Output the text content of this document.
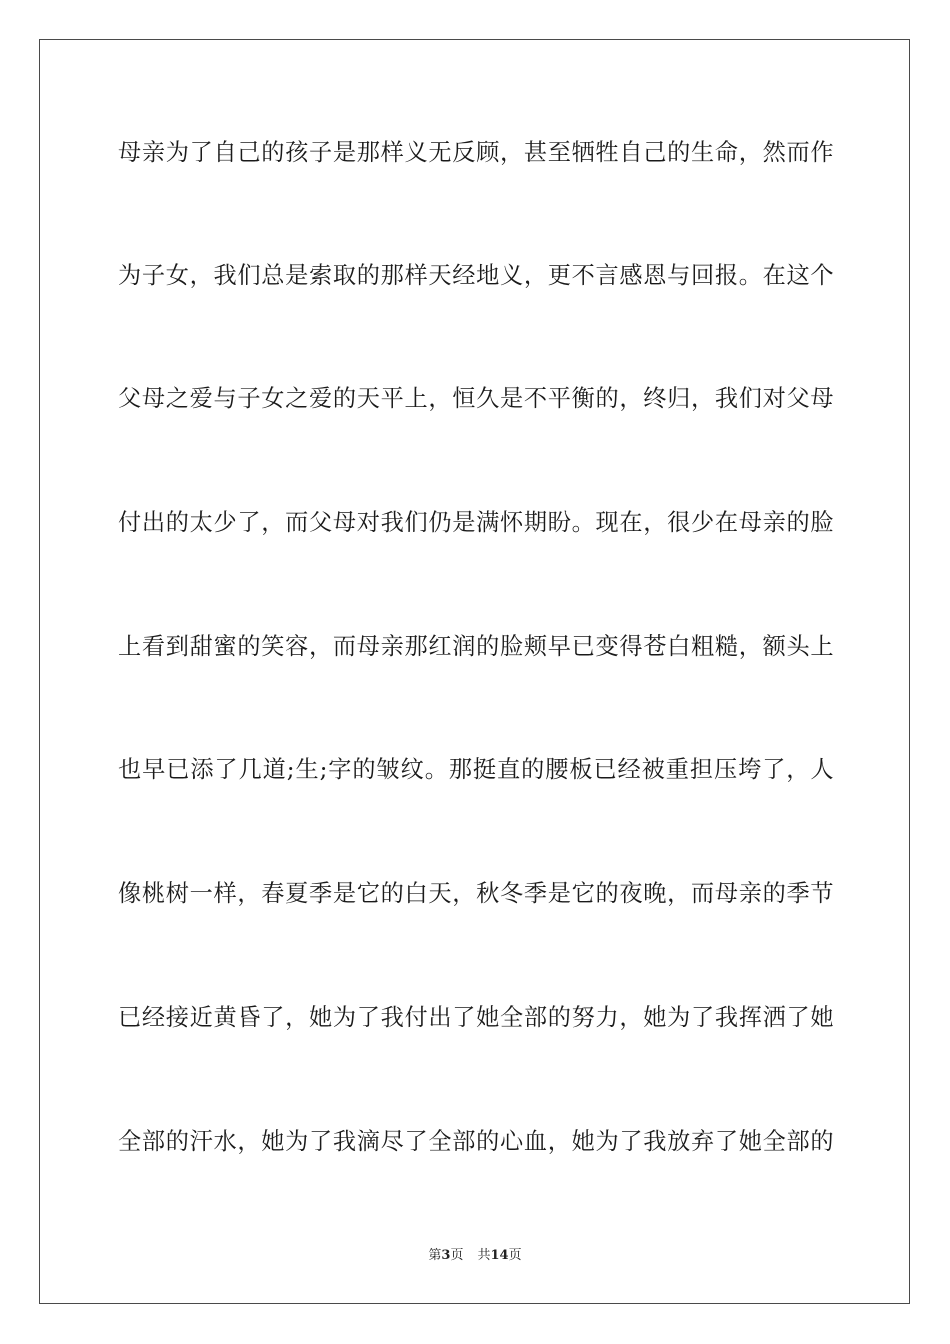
母亲为了自己的孩子是那样义无反顾，甚至牺牲自己的生命，然而作
为子女，我们总是索取的那样天经地义，更不言感恩与回报。在这个
父母之爱与子女之爱的天平上，恒久是不平衡的，终归，我们对父母
付出的太少了，而父母对我们仍是满怀期盼。现在，很少在母亲的脸
上看到甜蜜的笑容，而母亲那红润的脸颊早已变得苍白粗糙，额头上
也早已添了几道;生;字的皱纹。那挺直的腰板已经被重担压垮了，人
像桃树一样，春夏季是它的白天，秋冬季是它的夜晚，而母亲的季节
已经接近黄昏了，她为了我付出了她全部的努力，她为了我挥洒了她
全部的汗水，她为了我滴尽了全部的心血，她为了我放弃了她全部的
第3页 共14页
